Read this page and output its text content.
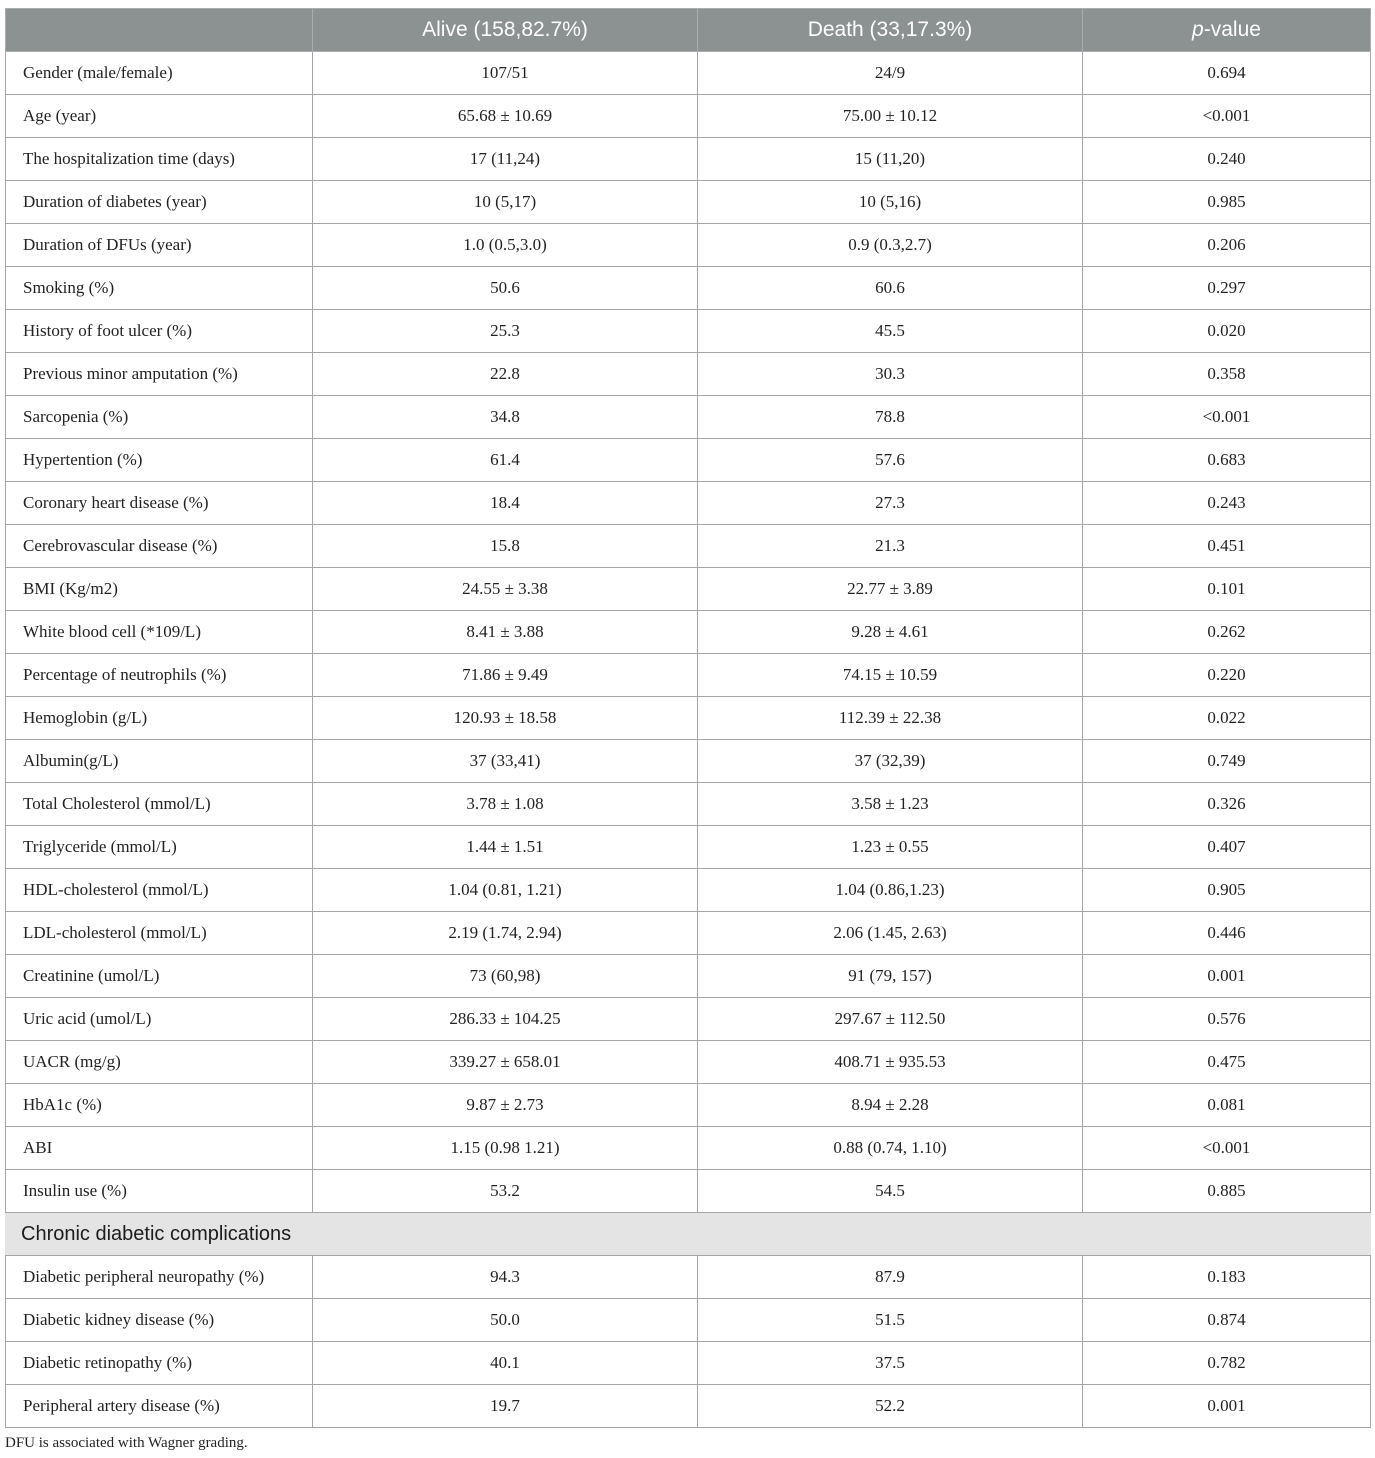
	Alive (158,82.7%)	Death (33,17.3%)	p-value
Gender (male/female)	107/51	24/9	0.694
Age (year)	65.68 ± 10.69	75.00 ± 10.12	<0.001
The hospitalization time (days)	17 (11,24)	15 (11,20)	0.240
Duration of diabetes (year)	10 (5,17)	10 (5,16)	0.985
Duration of DFUs (year)	1.0 (0.5,3.0)	0.9 (0.3,2.7)	0.206
Smoking (%)	50.6	60.6	0.297
History of foot ulcer (%)	25.3	45.5	0.020
Previous minor amputation (%)	22.8	30.3	0.358
Sarcopenia (%)	34.8	78.8	<0.001
Hypertention (%)	61.4	57.6	0.683
Coronary heart disease (%)	18.4	27.3	0.243
Cerebrovascular disease (%)	15.8	21.3	0.451
BMI (Kg/m2)	24.55 ± 3.38	22.77 ± 3.89	0.101
White blood cell (*109/L)	8.41 ± 3.88	9.28 ± 4.61	0.262
Percentage of neutrophils (%)	71.86 ± 9.49	74.15 ± 10.59	0.220
Hemoglobin (g/L)	120.93 ± 18.58	112.39 ± 22.38	0.022
Albumin(g/L)	37 (33,41)	37 (32,39)	0.749
Total Cholesterol (mmol/L)	3.78 ± 1.08	3.58 ± 1.23	0.326
Triglyceride (mmol/L)	1.44 ± 1.51	1.23 ± 0.55	0.407
HDL-cholesterol (mmol/L)	1.04 (0.81, 1.21)	1.04 (0.86,1.23)	0.905
LDL-cholesterol (mmol/L)	2.19 (1.74, 2.94)	2.06 (1.45, 2.63)	0.446
Creatinine (umol/L)	73 (60,98)	91 (79, 157)	0.001
Uric acid (umol/L)	286.33 ± 104.25	297.67 ± 112.50	0.576
UACR (mg/g)	339.27 ± 658.01	408.71 ± 935.53	0.475
HbA1c (%)	9.87 ± 2.73	8.94 ± 2.28	0.081
ABI	1.15 (0.98 1.21)	0.88 (0.74, 1.10)	<0.001
Insulin use (%)	53.2	54.5	0.885
Chronic diabetic complications			
Diabetic peripheral neuropathy (%)	94.3	87.9	0.183
Diabetic kidney disease (%)	50.0	51.5	0.874
Diabetic retinopathy (%)	40.1	37.5	0.782
Peripheral artery disease (%)	19.7	52.2	0.001
DFU is associated with Wagner grading.
